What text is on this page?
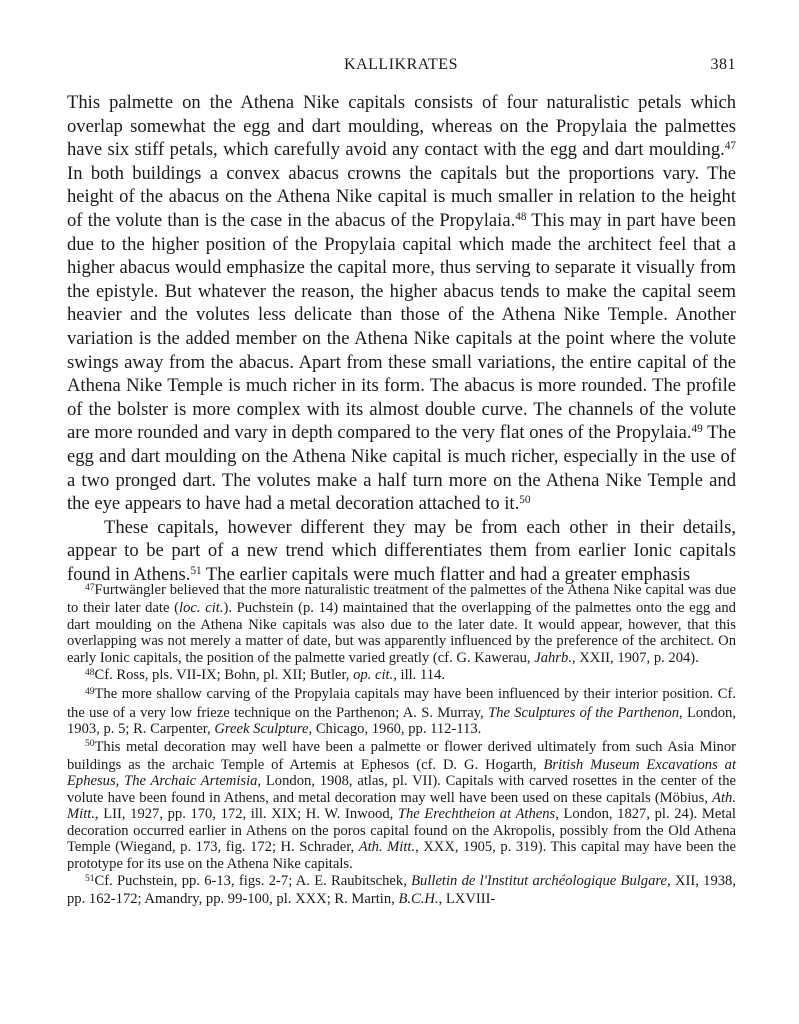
KALLIKRATES	381

This palmette on the Athena Nike capitals consists of four naturalistic petals which overlap somewhat the egg and dart moulding, whereas on the Propylaia the palmettes have six stiff petals, which carefully avoid any contact with the egg and dart moulding.$^{47}$ In both buildings a convex abacus crowns the capitals but the proportions vary. The height of the abacus on the Athena Nike capital is much smaller in relation to the height of the volute than is the case in the abacus of the Propylaia.$^{48}$ This may in part have been due to the higher position of the Propylaia capital which made the architect feel that a higher abacus would emphasize the capital more, thus serving to separate it visually from the epistyle. But whatever the reason, the higher abacus tends to make the capital seem heavier and the volutes less delicate than those of the Athena Nike Temple. Another variation is the added member on the Athena Nike capitals at the point where the volute swings away from the abacus. Apart from these small variations, the entire capital of the Athena Nike Temple is much richer in its form. The abacus is more rounded. The profile of the bolster is more complex with its almost double curve. The channels of the volute are more rounded and vary in depth compared to the very flat ones of the Propylaia.$^{49}$ The egg and dart moulding on the Athena Nike capital is much richer, especially in the use of a two pronged dart. The volutes make a half turn more on the Athena Nike Temple and the eye appears to have had a metal decoration attached to it.$^{50}$

These capitals, however different they may be from each other in their details, appear to be part of a new trend which differentiates them from earlier Ionic capitals found in Athens.$^{51}$ The earlier capitals were much flatter and had a greater emphasis

$^{47}$Furtwängler believed that the more naturalistic treatment of the palmettes of the Athena Nike capital was due to their later date (loc. cit.). Puchstein (p. 14) maintained that the overlapping of the palmettes onto the egg and dart moulding on the Athena Nike capitals was also due to the later date. It would appear, however, that this overlapping was not merely a matter of date, but was apparently influenced by the preference of the architect. On early Ionic capitals, the position of the palmette varied greatly (cf. G. Kawerau, Jahrb., XXII, 1907, p. 204).

$^{48}$Cf. Ross, pls. VII-IX; Bohn, pl. XII; Butler, op. cit., ill. 114.

$^{49}$The more shallow carving of the Propylaia capitals may have been influenced by their interior position. Cf. the use of a very low frieze technique on the Parthenon; A. S. Murray, The Sculptures of the Parthenon, London, 1903, p. 5; R. Carpenter, Greek Sculpture, Chicago, 1960, pp. 112-113.

$^{50}$This metal decoration may well have been a palmette or flower derived ultimately from such Asia Minor buildings as the archaic Temple of Artemis at Ephesos (cf. D. G. Hogarth, British Museum Excavations at Ephesus, The Archaic Artemisia, London, 1908, atlas, pl. VII). Capitals with carved rosettes in the center of the volute have been found in Athens, and metal decoration may well have been used on these capitals (Möbius, Ath. Mitt., LII, 1927, pp. 170, 172, ill. XIX; H. W. Inwood, The Erechtheion at Athens, London, 1827, pl. 24). Metal decoration occurred earlier in Athens on the poros capital found on the Akropolis, possibly from the Old Athena Temple (Wiegand, p. 173, fig. 172; H. Schrader, Ath. Mitt., XXX, 1905, p. 319). This capital may have been the prototype for its use on the Athena Nike capitals.

$^{51}$Cf. Puchstein, pp. 6-13, figs. 2-7; A. E. Raubitschek, Bulletin de l'Institut archéologique Bulgare, XII, 1938, pp. 162-172; Amandry, pp. 99-100, pl. XXX; R. Martin, B.C.H., LXVIII-
